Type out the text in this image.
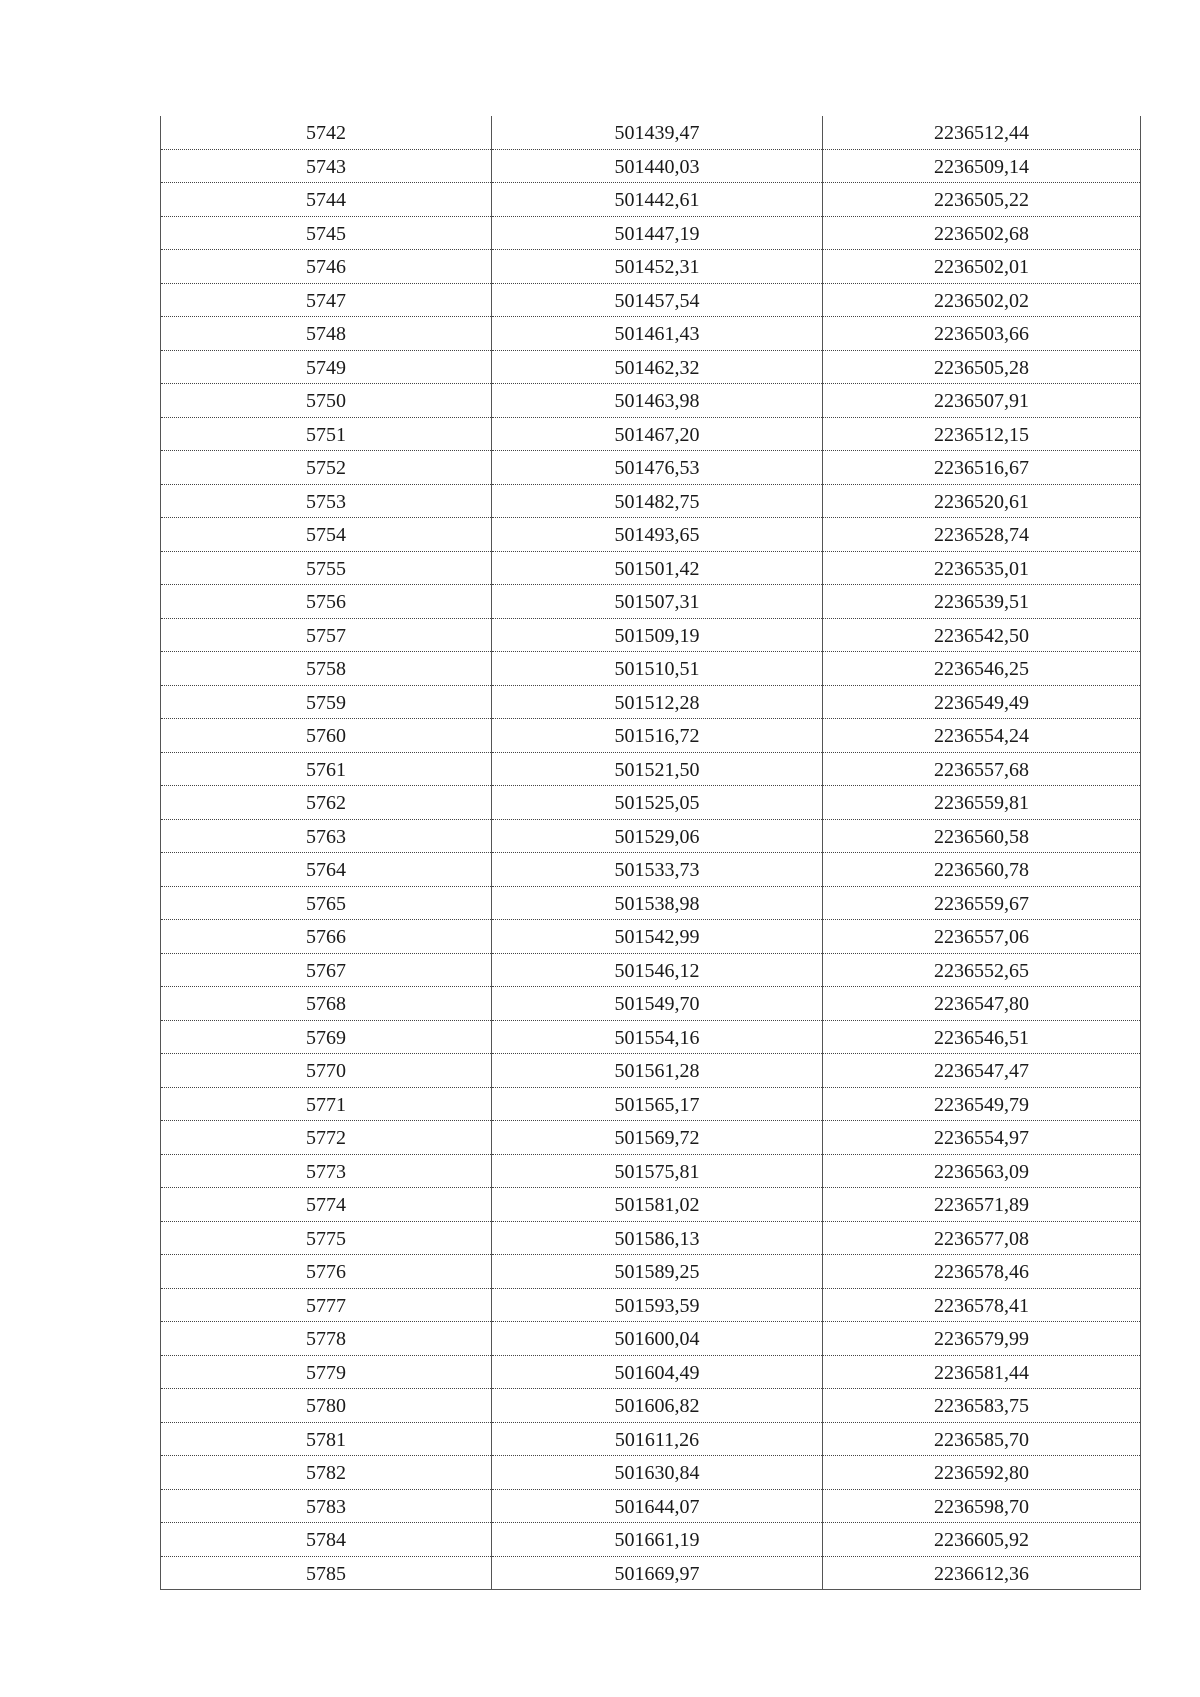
5742	501439,47	2236512,44
5743	501440,03	2236509,14
5744	501442,61	2236505,22
5745	501447,19	2236502,68
5746	501452,31	2236502,01
5747	501457,54	2236502,02
5748	501461,43	2236503,66
5749	501462,32	2236505,28
5750	501463,98	2236507,91
5751	501467,20	2236512,15
5752	501476,53	2236516,67
5753	501482,75	2236520,61
5754	501493,65	2236528,74
5755	501501,42	2236535,01
5756	501507,31	2236539,51
5757	501509,19	2236542,50
5758	501510,51	2236546,25
5759	501512,28	2236549,49
5760	501516,72	2236554,24
5761	501521,50	2236557,68
5762	501525,05	2236559,81
5763	501529,06	2236560,58
5764	501533,73	2236560,78
5765	501538,98	2236559,67
5766	501542,99	2236557,06
5767	501546,12	2236552,65
5768	501549,70	2236547,80
5769	501554,16	2236546,51
5770	501561,28	2236547,47
5771	501565,17	2236549,79
5772	501569,72	2236554,97
5773	501575,81	2236563,09
5774	501581,02	2236571,89
5775	501586,13	2236577,08
5776	501589,25	2236578,46
5777	501593,59	2236578,41
5778	501600,04	2236579,99
5779	501604,49	2236581,44
5780	501606,82	2236583,75
5781	501611,26	2236585,70
5782	501630,84	2236592,80
5783	501644,07	2236598,70
5784	501661,19	2236605,92
5785	501669,97	2236612,36
